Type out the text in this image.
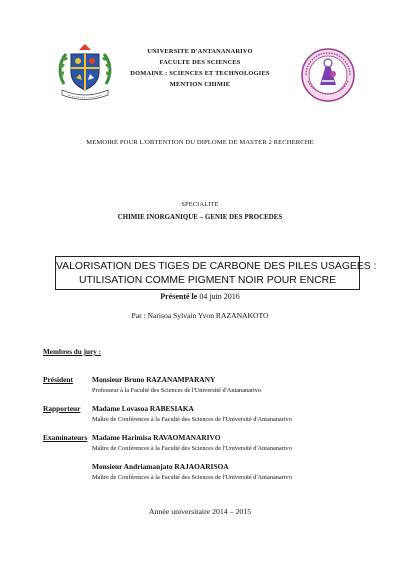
UNIVERSITE D'ANTANANARIVO
FACULTE DES SCIENCES
DOMAINE : SCIENCES ET TECHNOLOGIES
MENTION CHIMIE
MEMOIRE POUR L'OBTENTION DU DIPLOME DE MASTER 2 RECHERCHE
SPECIALITE
CHIMIE INORGANIQUE – GENIE DES PROCEDES
VALORISATION DES TIGES DE CARBONE DES PILES USAGEES :
UTILISATION COMME PIGMENT NOIR POUR ENCRE
Présenté le 04 juin 2016
Par : Narisoa Sylvain Yvon RAZANAKOTO
Membres du jury :
Président	Monsieur Bruno RAZANAMPARANY
Professeur à la Faculté des Sciences de l'Université d'Antananarivo
Rapporteur Madame Lovasoa RABESIAKA
Maître de Conférences à la Faculté des Sciences de l'Université d'Antananarivo
Examinateurs Madame Harimisa RAVAOMANARIVO
Maître de Conférences à la Faculté des Sciences de l'Université d'Antananarivo
Monsieur Andriamanjato RAJAOARISOA
Maître de Conférences à la Faculté des Sciences de l'Université d'Antananarivo
Année universitaire 2014 – 2015
